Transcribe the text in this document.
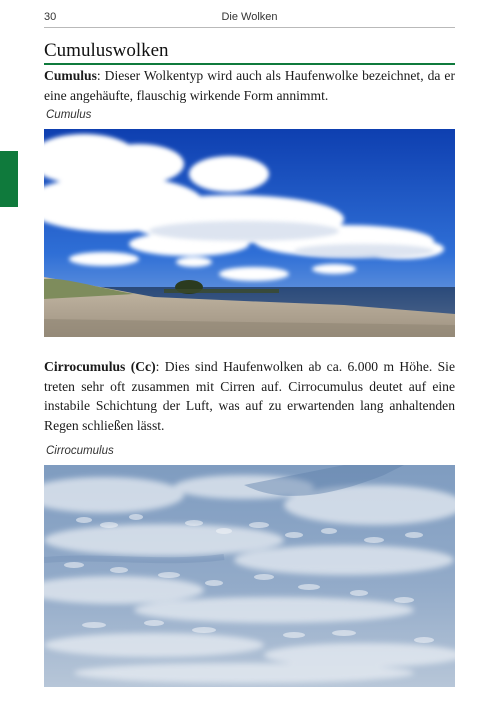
30	Die Wolken
Cumuluswolken

Cumulus: Dieser Wolkentyp wird auch als Haufenwolke bezeichnet, da er eine angehäufte, flauschig wirkende Form annimmt.

Cumulus

Cirrocumulus (Cc): Dies sind Haufenwolken ab ca. 6.000 m Höhe. Sie treten sehr oft zusammen mit Cirren auf. Cirrocumulus deutet auf eine instabile Schichtung der Luft, was auf zu erwartenden lang anhaltenden Regen schließen lässt.

Cirrocumulus
